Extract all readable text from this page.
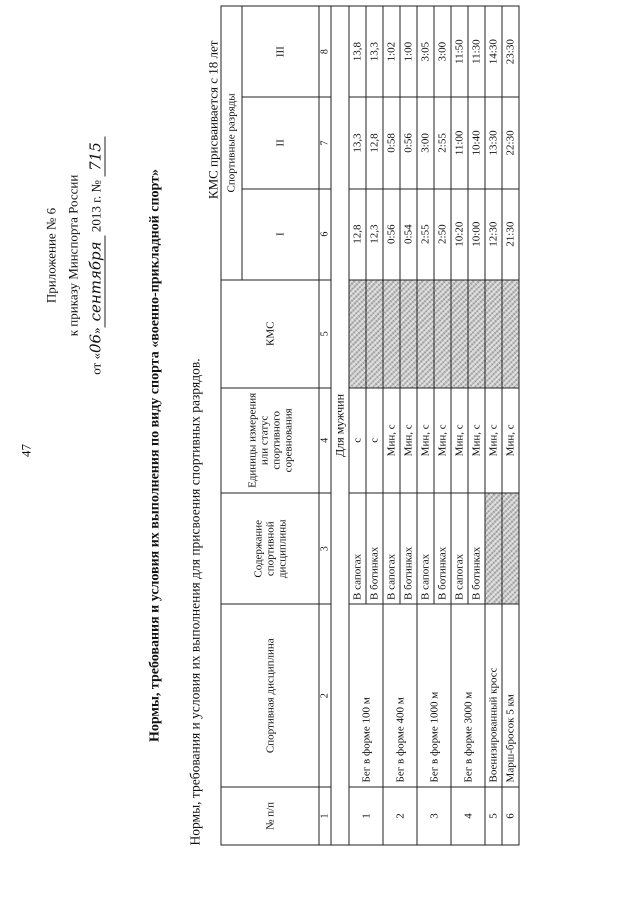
47
Приложение № 6 к приказу Минспорта России
от «06»сентября 2013 г. № 715
Нормы, требования и условия их выполнения по виду спорта «военно-прикладной спорт» Нормы, требования и условия их выполнения для присвоения спортивных разрядов.
КМС присваивается с 18 лет
№ п/п	Спортивная дисциплина	Содержание спортивной дисциплины	Единицы измерения или статус спортивного соревнования	КМС	Спортивные разряды		
					I	II	III
1	2	3	4	5	6	7	8
Для мужчин							
1	Бег в форме 100 м	В сапогах	с		12,8	13,3	13,8
		В ботинках	с		12,3	12,8	13,3
2	Бег в форме 400 м	В сапогах	Мин, с		0:56	0:58	1:02
		В ботинках	Мин, с		0:54	0:56	1:00
3	Бег в форме 1000 м	В сапогах	Мин, с		2:55	3:00	3:05
		В ботинках	Мин, с		2:50	2:55	3:00
4	Бег в форме 3000 м	В сапогах	Мин, с		10:20	11:00	11:50
		В ботинках	Мин, с		10:00	10:40	11:30
5	Военизированный кросс		Мин, с		12:30	13:30	14:30
6	Марш-бросок 5 км		Мин, с		21:30	22:30	23:30
